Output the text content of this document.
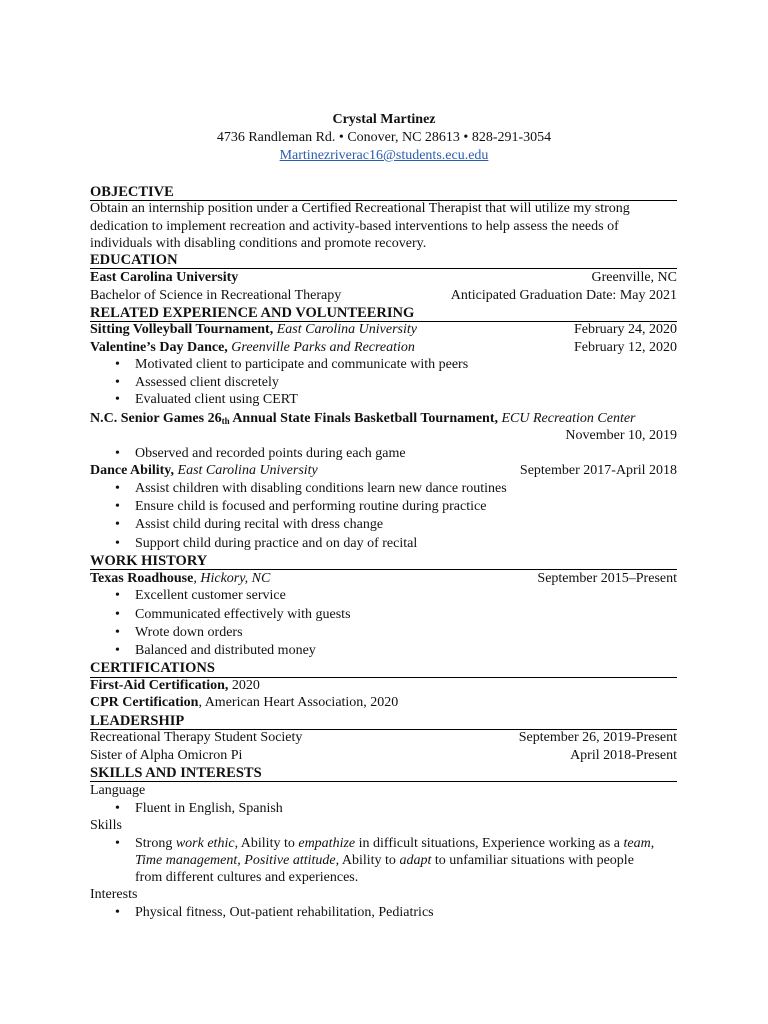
Crystal Martinez
4736 Randleman Rd. • Conover, NC 28613 • 828-291-3054
Martinezriverac16@students.ecu.edu
OBJECTIVE
Obtain an internship position under a Certified Recreational Therapist that will utilize my strong dedication to implement recreation and activity-based interventions to help assess the needs of individuals with disabling conditions and promote recovery.
EDUCATION
East Carolina University	Greenville, NC
Bachelor of Science in Recreational Therapy	Anticipated Graduation Date: May 2021
RELATED EXPERIENCE AND VOLUNTEERING
Sitting Volleyball Tournament, East Carolina University	February 24, 2020
Valentine’s Day Dance, Greenville Parks and Recreation	February 12, 2020
• Motivated client to participate and communicate with peers
• Assessed client discretely
• Evaluated client using CERT
N.C. Senior Games $26_{th}$ Annual State Finals Basketball Tournament, ECU Recreation Center
November 10, 2019
• Observed and recorded points during each game
Dance Ability, East Carolina University	September 2017-April 2018
• Assist children with disabling conditions learn new dance routines
• Ensure child is focused and performing routine during practice
• Assist child during recital with dress change
• Support child during practice and on day of recital
WORK HISTORY
Texas Roadhouse, Hickory, NC	September 2015–Present
• Excellent customer service
• Communicated effectively with guests
• Wrote down orders
• Balanced and distributed money
CERTIFICATIONS
First-Aid Certification, 2020
CPR Certification, American Heart Association, 2020
LEADERSHIP
Recreational Therapy Student Society	September 26, 2019-Present
Sister of Alpha Omicron Pi	April 2018-Present
SKILLS AND INTERESTS
Language
• Fluent in English, Spanish
Skills
• Strong work ethic, Ability to empathize in difficult situations, Experience working as a team,
Time management, Positive attitude, Ability to adapt to unfamiliar situations with people
from different cultures and experiences.
Interests
• Physical fitness, Out-patient rehabilitation, Pediatrics
